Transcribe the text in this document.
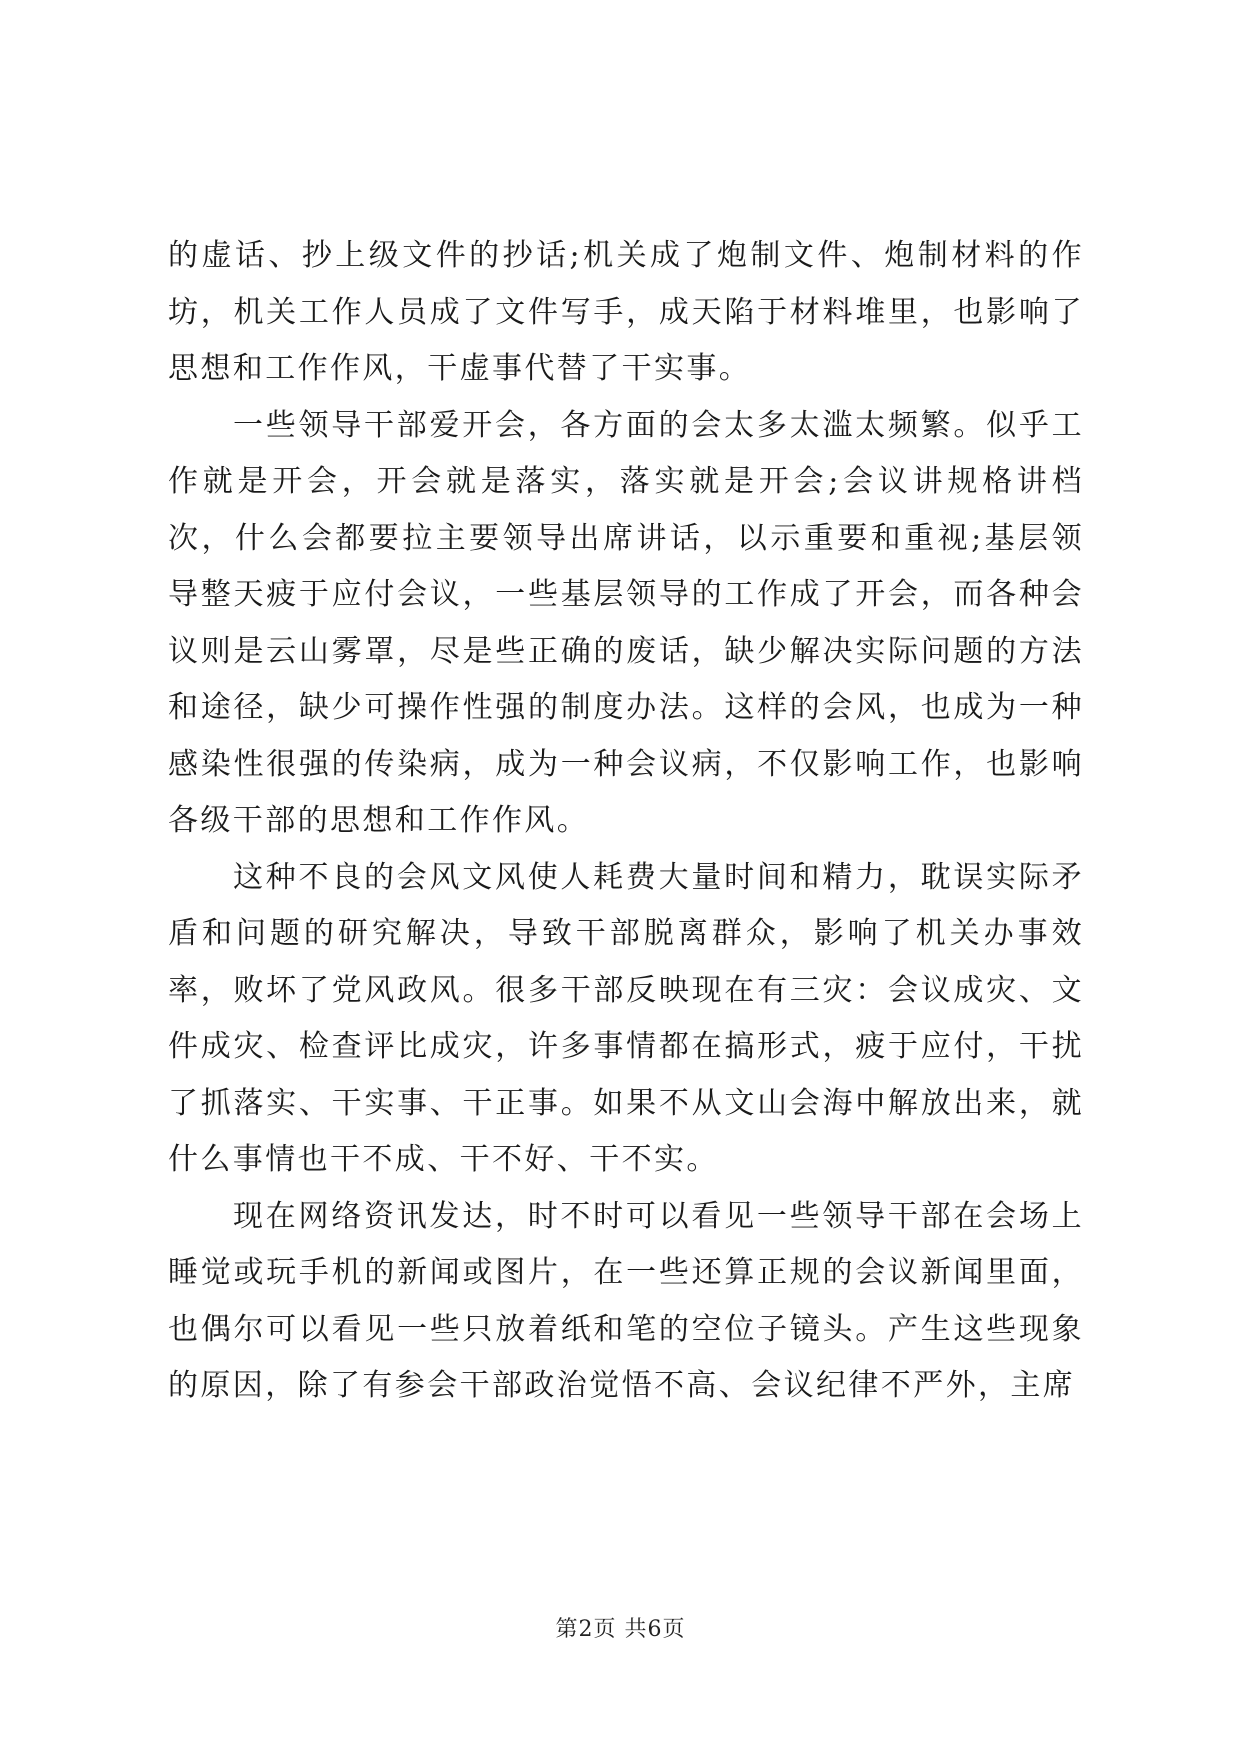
的虚话、抄上级文件的抄话;机关成了炮制文件、炮制材料的作坊，机关工作人员成了文件写手，成天陷于材料堆里，也影响了思想和工作作风，干虚事代替了干实事。

一些领导干部爱开会，各方面的会太多太滥太频繁。似乎工作就是开会，开会就是落实，落实就是开会;会议讲规格讲档次，什么会都要拉主要领导出席讲话，以示重要和重视;基层领导整天疲于应付会议，一些基层领导的工作成了开会，而各种会议则是云山雾罩，尽是些正确的废话，缺少解决实际问题的方法和途径，缺少可操作性强的制度办法。这样的会风，也成为一种感染性很强的传染病，成为一种会议病，不仅影响工作，也影响各级干部的思想和工作作风。

这种不良的会风文风使人耗费大量时间和精力，耽误实际矛盾和问题的研究解决，导致干部脱离群众，影响了机关办事效率，败坏了党风政风。很多干部反映现在有三灾：会议成灾、文件成灾、检查评比成灾，许多事情都在搞形式，疲于应付，干扰了抓落实、干实事、干正事。如果不从文山会海中解放出来，就什么事情也干不成、干不好、干不实。

现在网络资讯发达，时不时可以看见一些领导干部在会场上睡觉或玩手机的新闻或图片，在一些还算正规的会议新闻里面，也偶尔可以看见一些只放着纸和笔的空位子镜头。产生这些现象的原因，除了有参会干部政治觉悟不高、会议纪律不严外，主席

第2页 共6页
